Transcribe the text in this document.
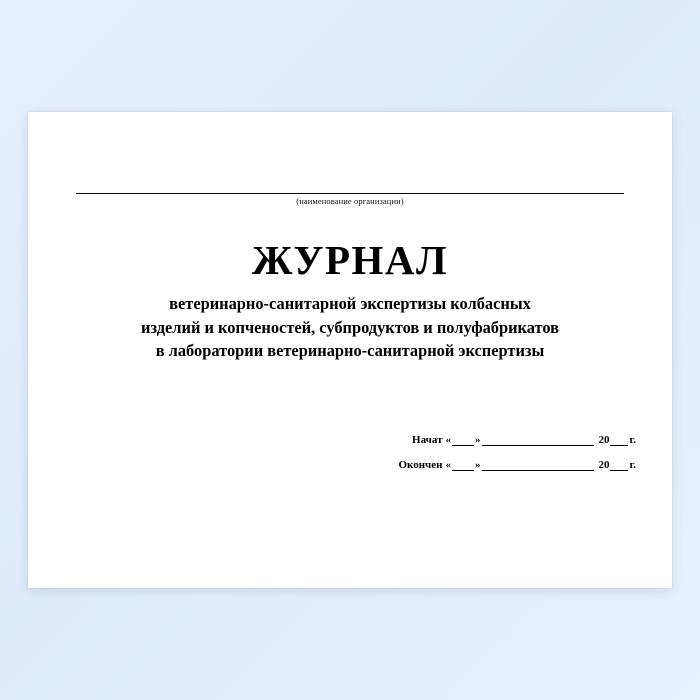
(наименование организации)
ЖУРНАЛ
ветеринарно-санитарной экспертизы колбасных
изделий и копченостей, субпродуктов и полуфабрикатов
в лаборатории ветеринарно-санитарной экспертизы
Начат « »	20 г.
Окончен « »	20 г.
